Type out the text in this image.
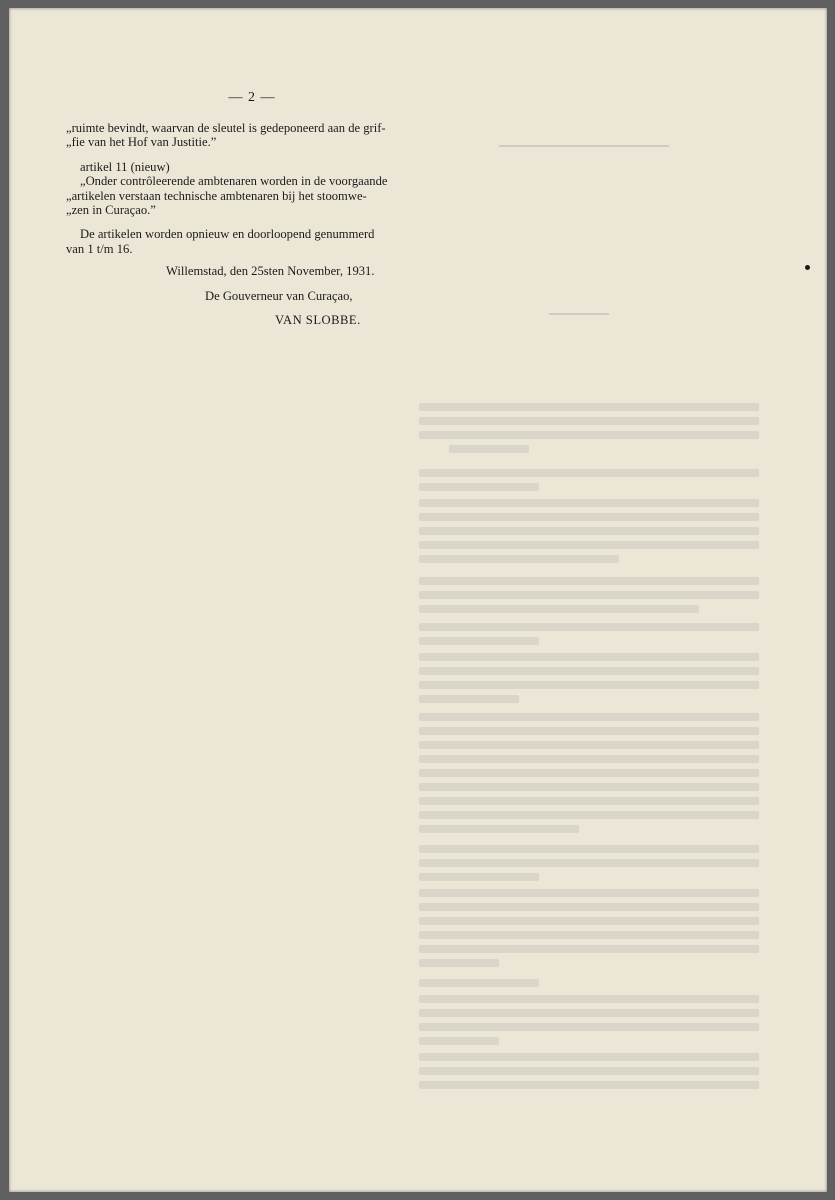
— 2 —

„ruimte bevindt, waarvan de sleutel is gedeponeerd aan de grif-

„fie van het Hof van Justitie.”

artikel 11 (nieuw)

„Onder contrôleerende ambtenaren worden in de voorgaande

„artikelen verstaan technische ambtenaren bij het stoomwe-

„zen in Curaçao.”

De artikelen worden opnieuw en doorloopend genummerd

van 1 t/m 16.

Willemstad, den 25sten November, 1931.
De Gouverneur van Curaçao,
VAN SLOBBE.
